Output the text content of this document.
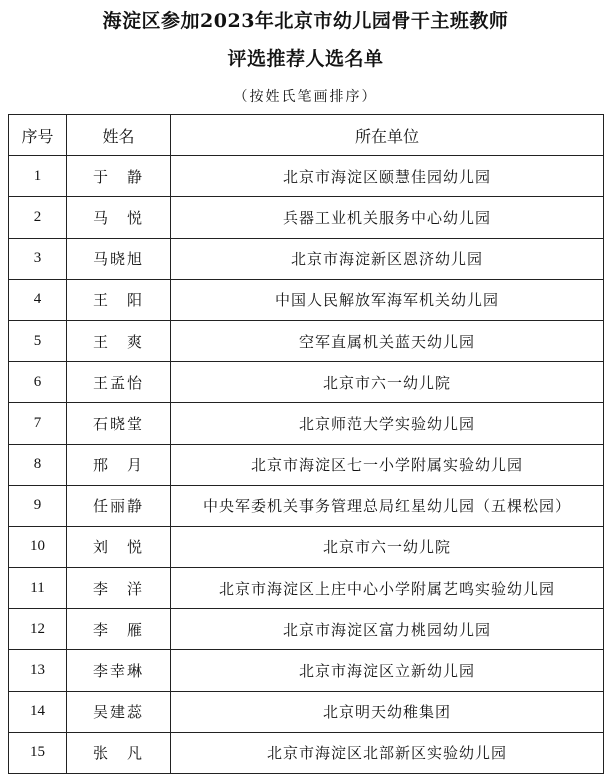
海淀区参加2023年北京市幼儿园骨干主班教师
评选推荐人选名单
（按姓氏笔画排序）
序号	姓名	所在单位
1	于　静	北京市海淀区颐慧佳园幼儿园
2	马　悦	兵器工业机关服务中心幼儿园
3	马晓旭	北京市海淀新区恩济幼儿园
4	王　阳	中国人民解放军海军机关幼儿园
5	王　爽	空军直属机关蓝天幼儿园
6	王孟怡	北京市六一幼儿院
7	石晓堂	北京师范大学实验幼儿园
8	邢　月	北京市海淀区七一小学附属实验幼儿园
9	任丽静	中央军委机关事务管理总局红星幼儿园（五棵松园）
10	刘　悦	北京市六一幼儿院
11	李　洋	北京市海淀区上庄中心小学附属艺鸣实验幼儿园
12	李　雁	北京市海淀区富力桃园幼儿园
13	李幸琳	北京市海淀区立新幼儿园
14	吴建蕊	北京明天幼稚集团
15	张　凡	北京市海淀区北部新区实验幼儿园
